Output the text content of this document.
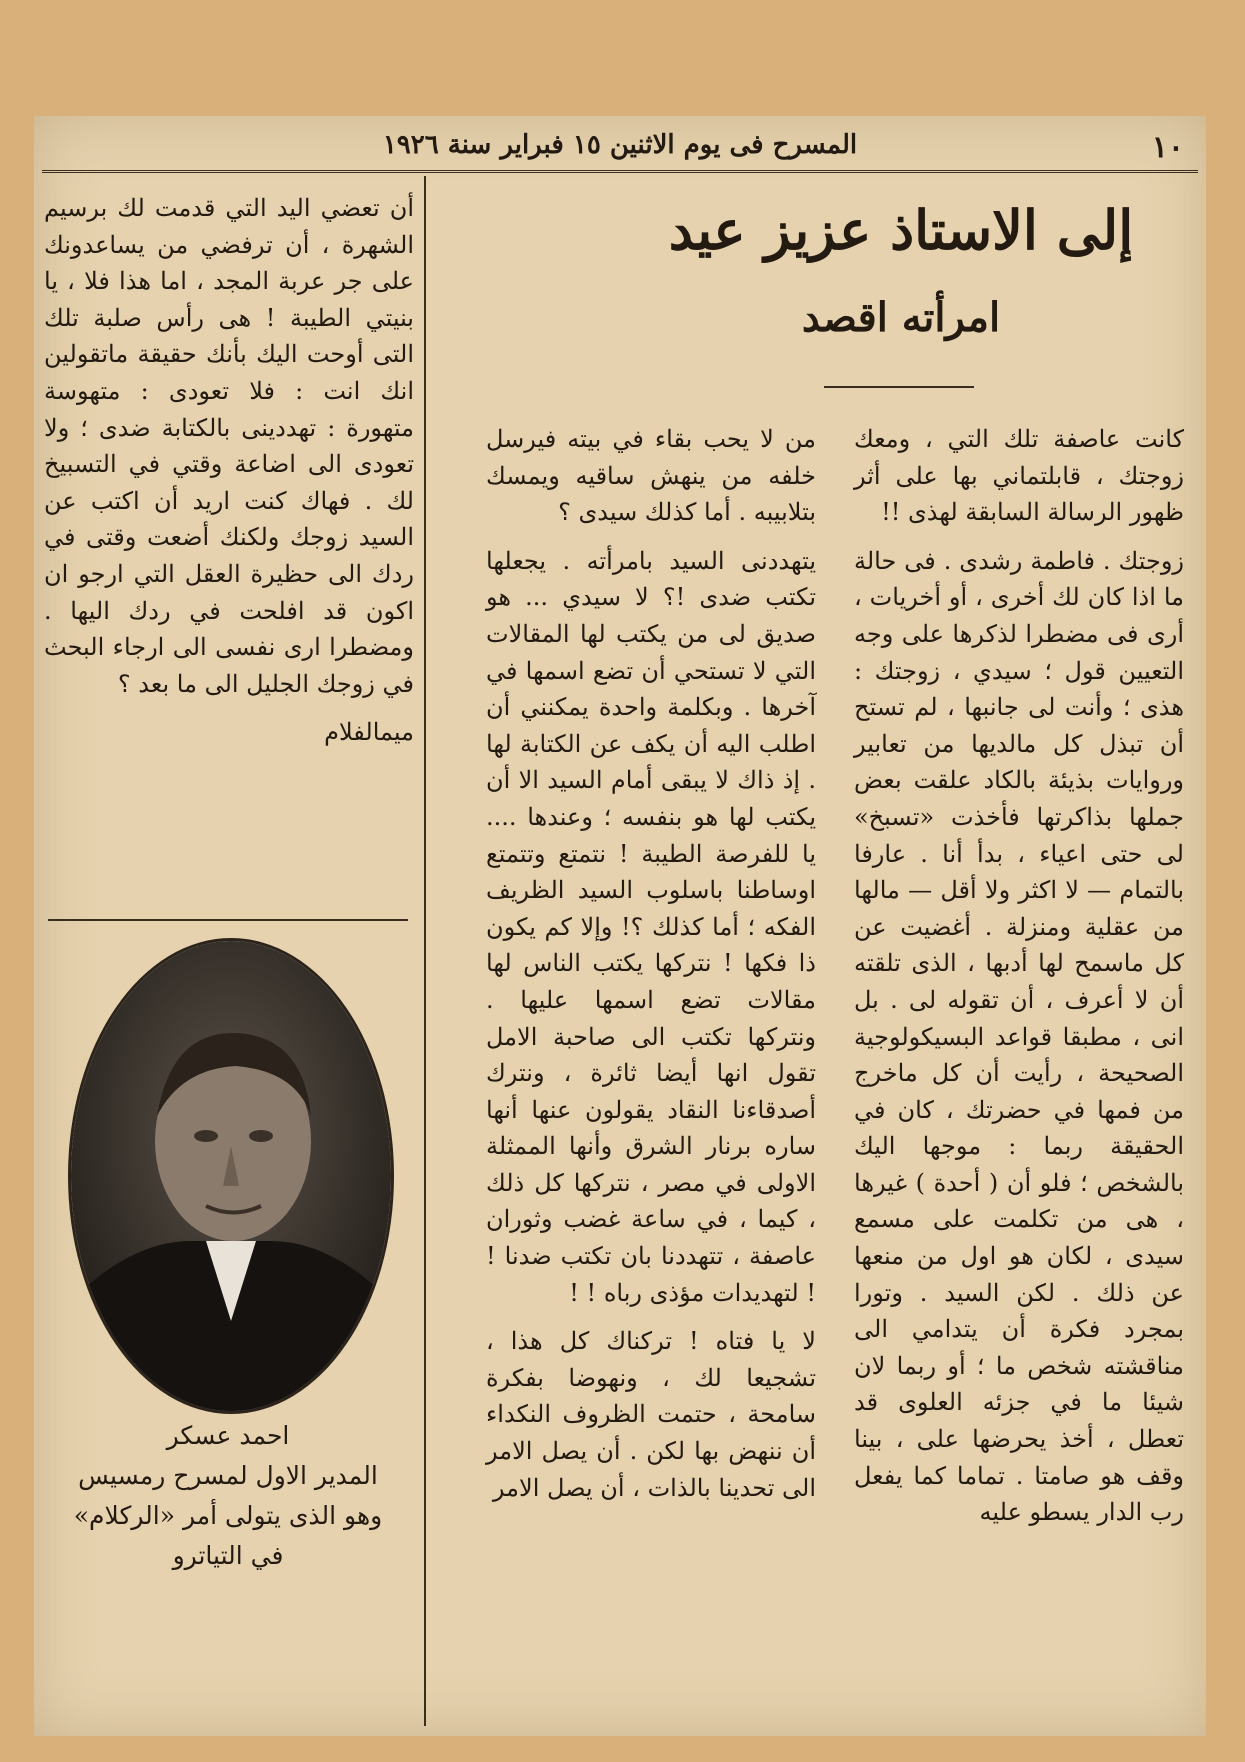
١٠
المسرح فى يوم الاثنين ١٥ فبراير سنة ١٩٢٦
إلى الاستاذ عزيز عيد
امرأته اقصد

كانت عاصفة تلك التي ، ومعك زوجتك ، قابلتماني بها على أثر ظهور الرسالة السابقة لهذى !!

زوجتك . فاطمة رشدى . فى حالة ما اذا كان لك أخرى ، أو أخريات ، أرى فى مضطرا لذكرها على وجه التعيين قول ؛ سيدي ، زوجتك : هذى ؛ وأنت لى جانبها ، لم تستح أن تبذل كل مالديها من تعابير وروايات بذيئة بالكاد علقت بعض جملها بذاكرتها فأخذت «تسبخ» لى حتى اعياء ، بدأ أنا . عارفا بالتمام — لا اكثر ولا أقل — مالها من عقلية ومنزلة . أغضيت عن كل ماسمح لها أدبها ، الذى تلقته أن لا أعرف ، أن تقوله لى . بل انى ، مطبقا قواعد البسيكولوجية الصحيحة ، رأيت أن كل ماخرج من فمها في حضرتك ، كان في الحقيقة ربما : موجها اليك بالشخص ؛ فلو أن ( أحدة ) غيرها ، هى من تكلمت على مسمع سيدى ، لكان هو اول من منعها عن ذلك . لكن السيد . وتورا بمجرد فكرة أن يتدامي الى مناقشته شخص ما ؛ أو ربما لان شيئا ما في جزئه العلوى قد تعطل ، أخذ يحرضها على ، بينا وقف هو صامتا . تماما كما يفعل رب الدار يسطو عليه

من لا يحب بقاء في بيته فيرسل خلفه من ينهش ساقيه ويمسك بتلابيبه . أما كذلك سيدى ؟

يتهددنى السيد بامرأته . يجعلها تكتب ضدى !؟ لا سيدي ... هو صديق لى من يكتب لها المقالات التي لا تستحي أن تضع اسمها في آخرها . وبكلمة واحدة يمكنني أن اطلب اليه أن يكف عن الكتابة لها . إذ ذاك لا يبقى أمام السيد الا أن يكتب لها هو بنفسه ؛ وعندها .... يا للفرصة الطيبة ! نتمتع وتتمتع اوساطنا باسلوب السيد الظريف الفكه ؛ أما كذلك ؟! وإلا كم يكون ذا فكها ! نتركها يكتب الناس لها مقالات تضع اسمها عليها . ونتركها تكتب الى صاحبة الامل تقول انها أيضا ثائرة ، ونترك أصدقاءنا النقاد يقولون عنها أنها ساره برنار الشرق وأنها الممثلة الاولى في مصر ، نتركها كل ذلك ، كيما ، في ساعة غضب وثوران عاصفة ، تتهددنا بان تكتب ضدنا ! ! لتهديدات مؤذى رباه ! !

لا يا فتاه ! تركناك كل هذا ، تشجيعا لك ، ونهوضا بفكرة سامحة ، حتمت الظروف النكداء أن ننهض بها لكن . أن يصل الامر الى تحدينا بالذات ، أن يصل الامر

أن تعضي اليد التي قدمت لك برسيم الشهرة ، أن ترفضي من يساعدونك على جر عربة المجد ، اما هذا فلا ، يا بنيتي الطيبة ! هى رأس صلبة تلك التى أوحت اليك بأنك حقيقة ماتقولين انك انت : فلا تعودى : متهوسة متهورة : تهددينى بالكتابة ضدى ؛ ولا تعودى الى اضاعة وقتي في التسبيخ لك . فهاك كنت اريد أن اكتب عن السيد زوجك ولكنك أضعت وقتى في ردك الى حظيرة العقل التي ارجو ان اكون قد افلحت في ردك اليها . ومضطرا ارى نفسى الى ارجاء البحث في زوجك الجليل الى ما بعد ؟

ميمالفلام
احمد عسكر
المدير الاول لمسرح رمسيس
وهو الذى يتولى أمر «الركلام»
في التياترو
